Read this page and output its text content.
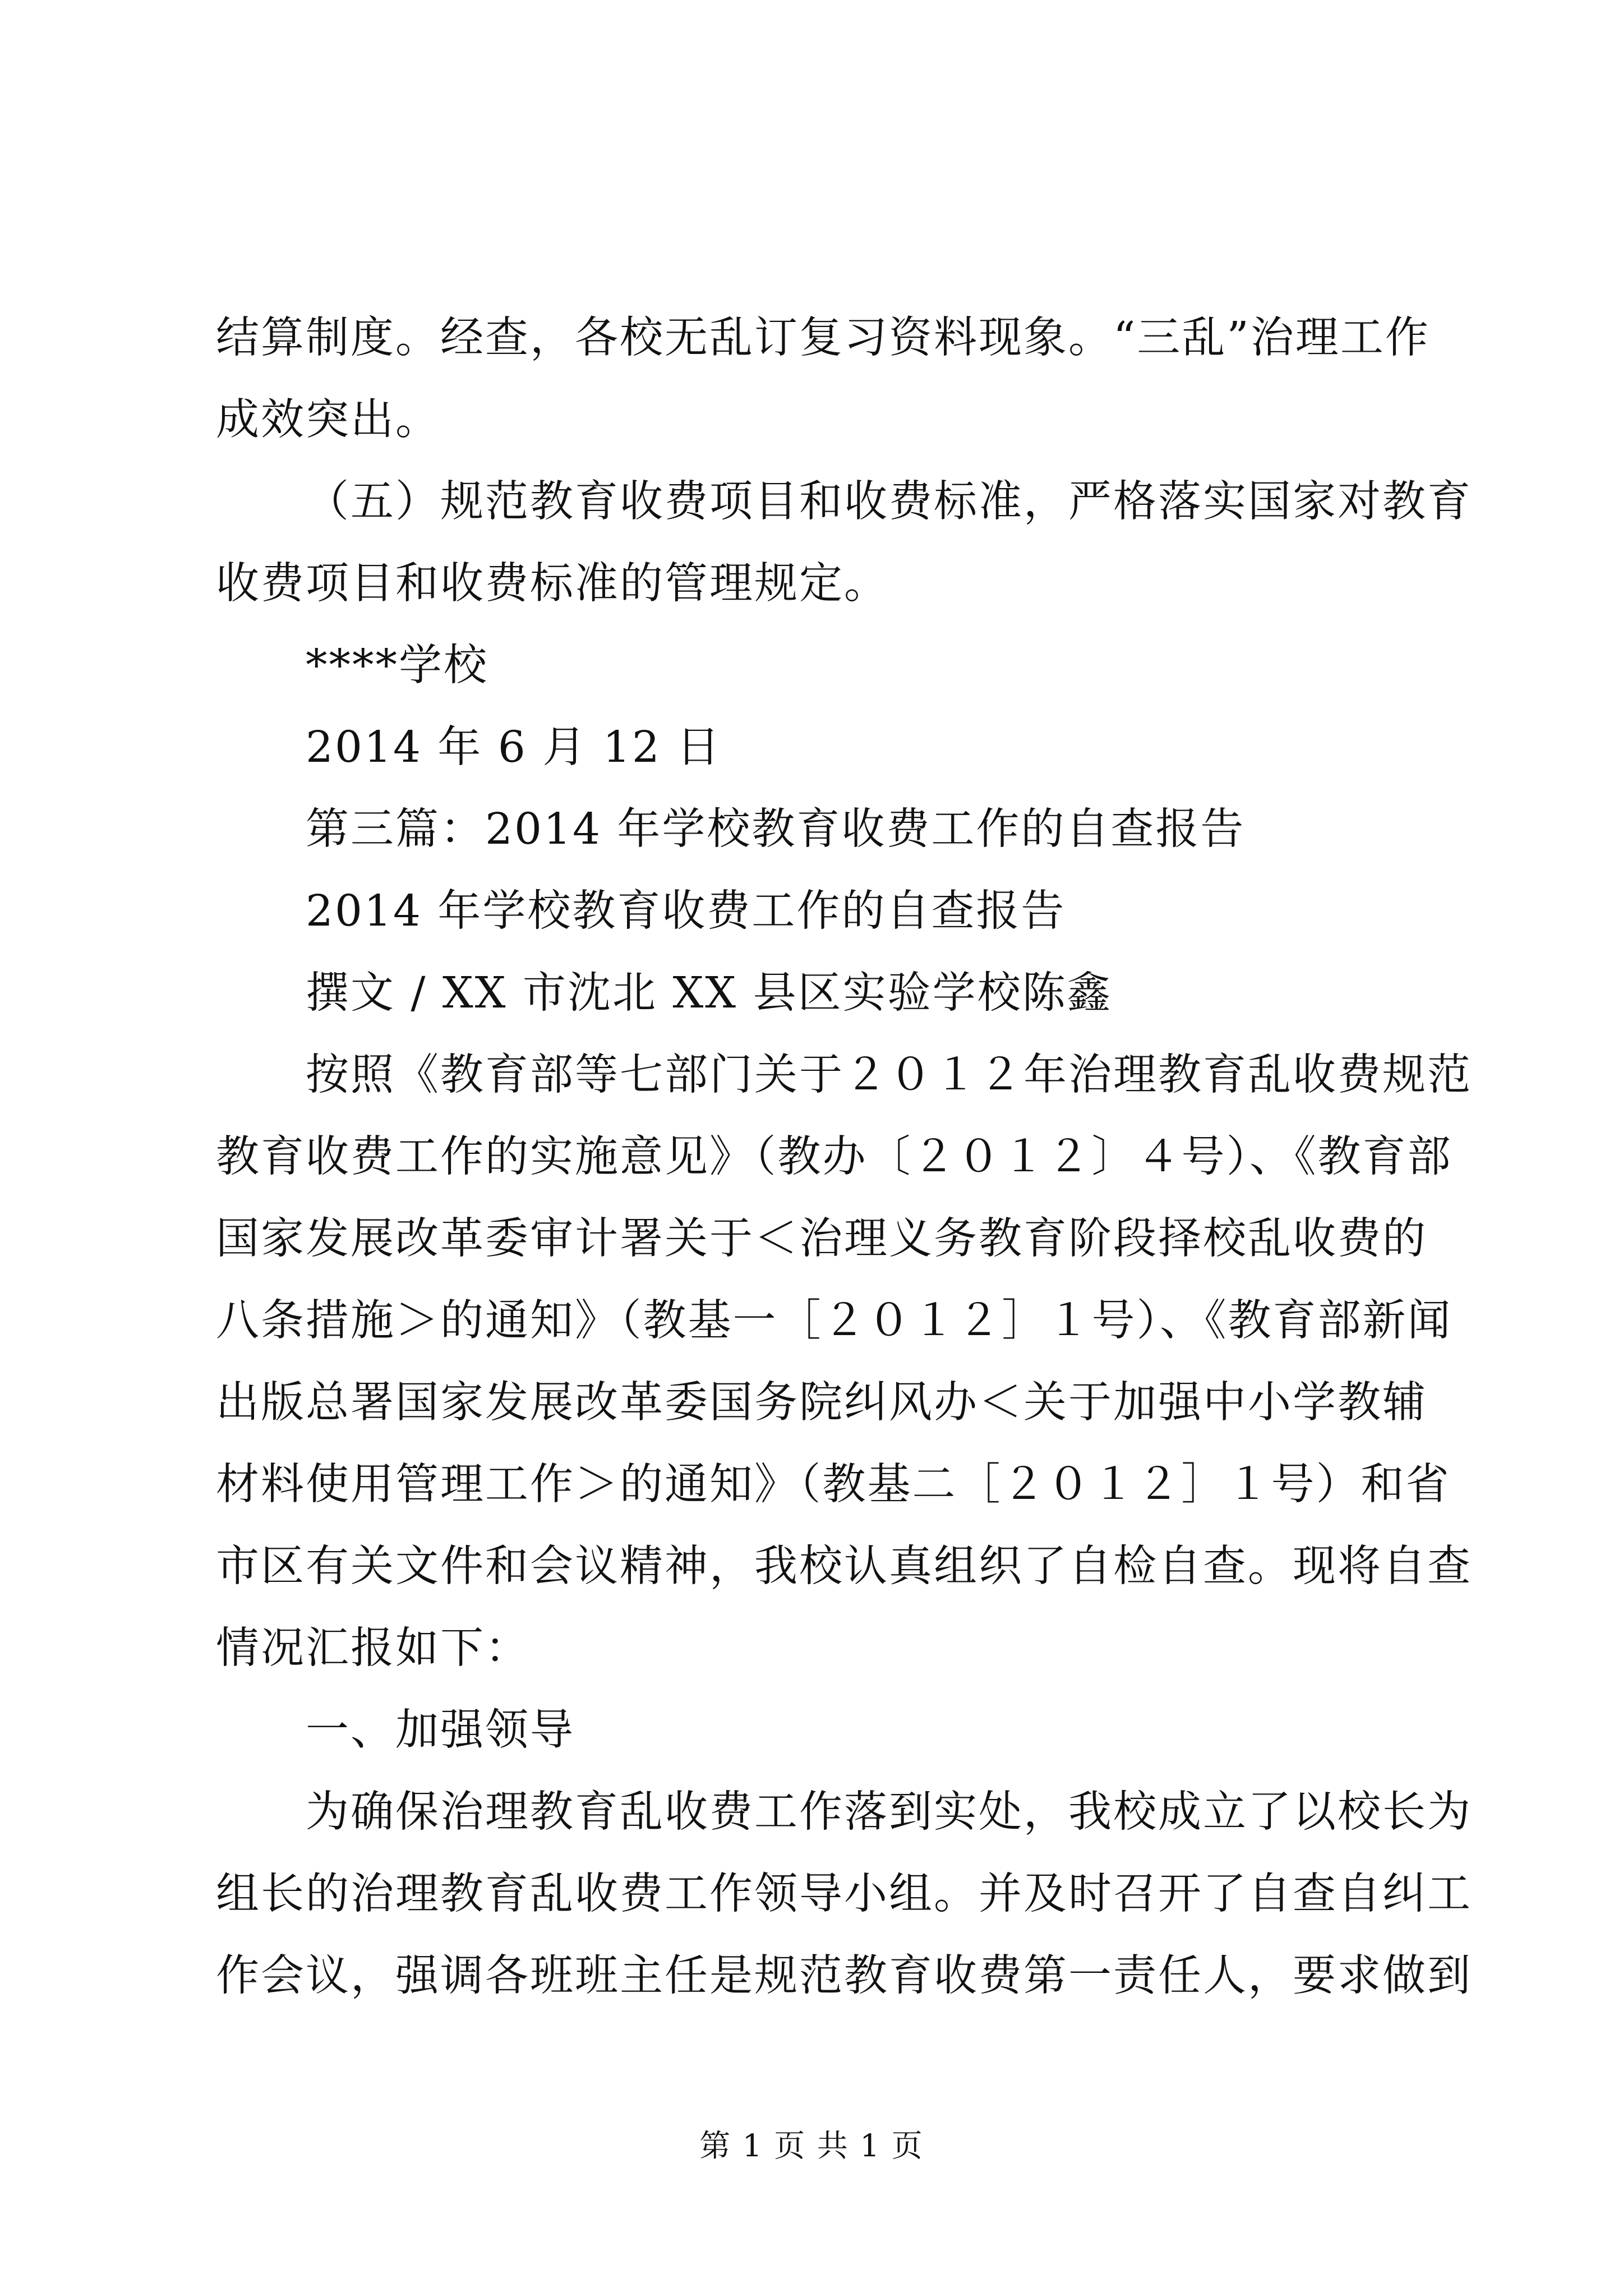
结算制度。经查，各校无乱订复习资料现象。“三乱”治理工作
成效突出。
（五）规范教育收费项目和收费标准，严格落实国家对教育
收费项目和收费标准的管理规定。
****学校
2014 年 6 月 12 日
第三篇：2014 年学校教育收费工作的自查报告
2014 年学校教育收费工作的自查报告
撰文 / XX 市沈北 XX 县区实验学校陈鑫
按照《教育部等七部门关于２０１２年治理教育乱收费规范
教育收费工作的实施意见》（教办〔２０１２〕４号）、《教育部
国家发展改革委审计署关于＜治理义务教育阶段择校乱收费的
八条措施＞的通知》（教基一［２０１２］１号）、《教育部新闻
出版总署国家发展改革委国务院纠风办＜关于加强中小学教辅
材料使用管理工作＞的通知》（教基二［２０１２］１号）和省
市区有关文件和会议精神，我校认真组织了自检自查。现将自查
情况汇报如下：
一、加强领导
为确保治理教育乱收费工作落到实处，我校成立了以校长为
组长的治理教育乱收费工作领导小组。并及时召开了自查自纠工
作会议，强调各班班主任是规范教育收费第一责任人，要求做到
第 1 页 共 1 页
